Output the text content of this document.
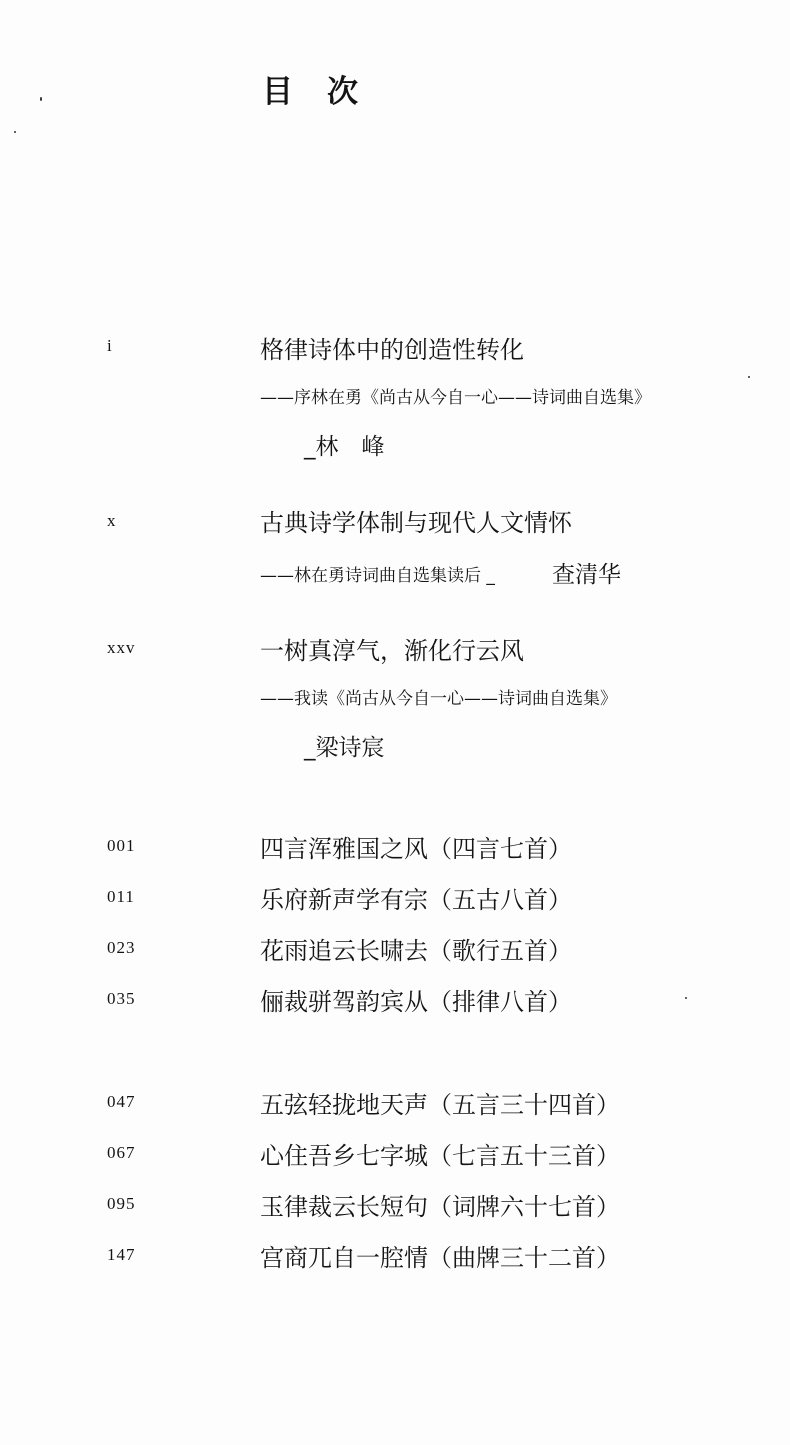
目次
i	格律诗体中的创造性转化
——序林在勇《尚古从今自一心——诗词曲自选集》
_林　峰
x	古典诗学体制与现代人文情怀
——林在勇诗词曲自选集读后 _ 查清华
xxv	一树真淳气，渐化行云风
——我读《尚古从今自一心——诗词曲自选集》
_梁诗宸
001	四言浑雅国之风（四言七首）
011	乐府新声学有宗（五古八首）
023	花雨追云长啸去（歌行五首）
035	俪裁骈驾韵宾从（排律八首）
047	五弦轻拢地天声（五言三十四首）
067	心住吾乡七字城（七言五十三首）
095	玉律裁云长短句（词牌六十七首）
147	宫商兀自一腔情（曲牌三十二首）
